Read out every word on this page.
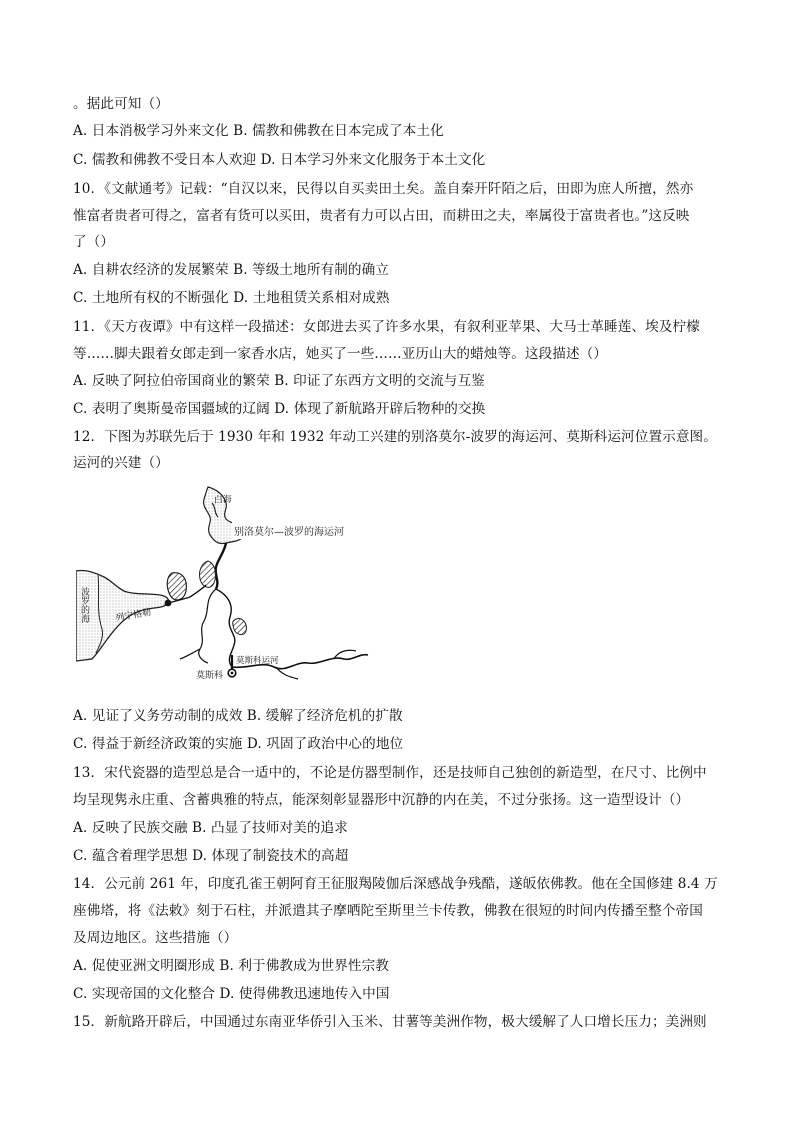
。据此可知（）
A. 日本消极学习外来文化 B. 儒教和佛教在日本完成了本土化
C. 儒教和佛教不受日本人欢迎 D. 日本学习外来文化服务于本土文化
10．《文献通考》记载：“自汉以来，民得以自买卖田土矣。盖自秦开阡陌之后，田即为庶人所擅，然亦
惟富者贵者可得之，富者有货可以买田，贵者有力可以占田，而耕田之夫，率属役于富贵者也。”这反映
了（）
A. 自耕农经济的发展繁荣 B. 等级土地所有制的确立
C. 土地所有权的不断强化 D. 土地租赁关系相对成熟
11．《天方夜谭》中有这样一段描述：女郎进去买了许多水果，有叙利亚苹果、大马士革睡莲、埃及柠檬
等……脚夫跟着女郎走到一家香水店，她买了一些……亚历山大的蜡烛等。这段描述（）
A. 反映了阿拉伯帝国商业的繁荣 B. 印证了东西方文明的交流与互鉴
C. 表明了奥斯曼帝国疆域的辽阔 D. 体现了新航路开辟后物种的交换
12．下图为苏联先后于 1930 年和 1932 年动工兴建的别洛莫尔-波罗的海运河、莫斯科运河位置示意图。
运河的兴建（）
白海
别洛莫尔—波罗的海运河
波罗的海	列宁格勒
莫斯科运河
莫斯科
A. 见证了义务劳动制的成效 B. 缓解了经济危机的扩散
C. 得益于新经济政策的实施 D. 巩固了政治中心的地位
13．宋代瓷器的造型总是合一适中的，不论是仿器型制作，还是技师自己独创的新造型，在尺寸、比例中
均呈现隽永庄重、含蓄典雅的特点，能深刻彰显器形中沉静的内在美，不过分张扬。这一造型设计（）
A. 反映了民族交融 B. 凸显了技师对美的追求
C. 蕴含着理学思想 D. 体现了制瓷技术的高超
14．公元前 261 年，印度孔雀王朝阿育王征服羯陵伽后深感战争残酷，遂皈依佛教。他在全国修建 8.4 万
座佛塔，将《法敕》刻于石柱，并派遣其子摩哂陀至斯里兰卡传教，佛教在很短的时间内传播至整个帝国
及周边地区。这些措施（）
A. 促使亚洲文明圈形成 B. 利于佛教成为世界性宗教
C. 实现帝国的文化整合 D. 使得佛教迅速地传入中国
15．新航路开辟后，中国通过东南亚华侨引入玉米、甘薯等美洲作物，极大缓解了人口增长压力；美洲则
